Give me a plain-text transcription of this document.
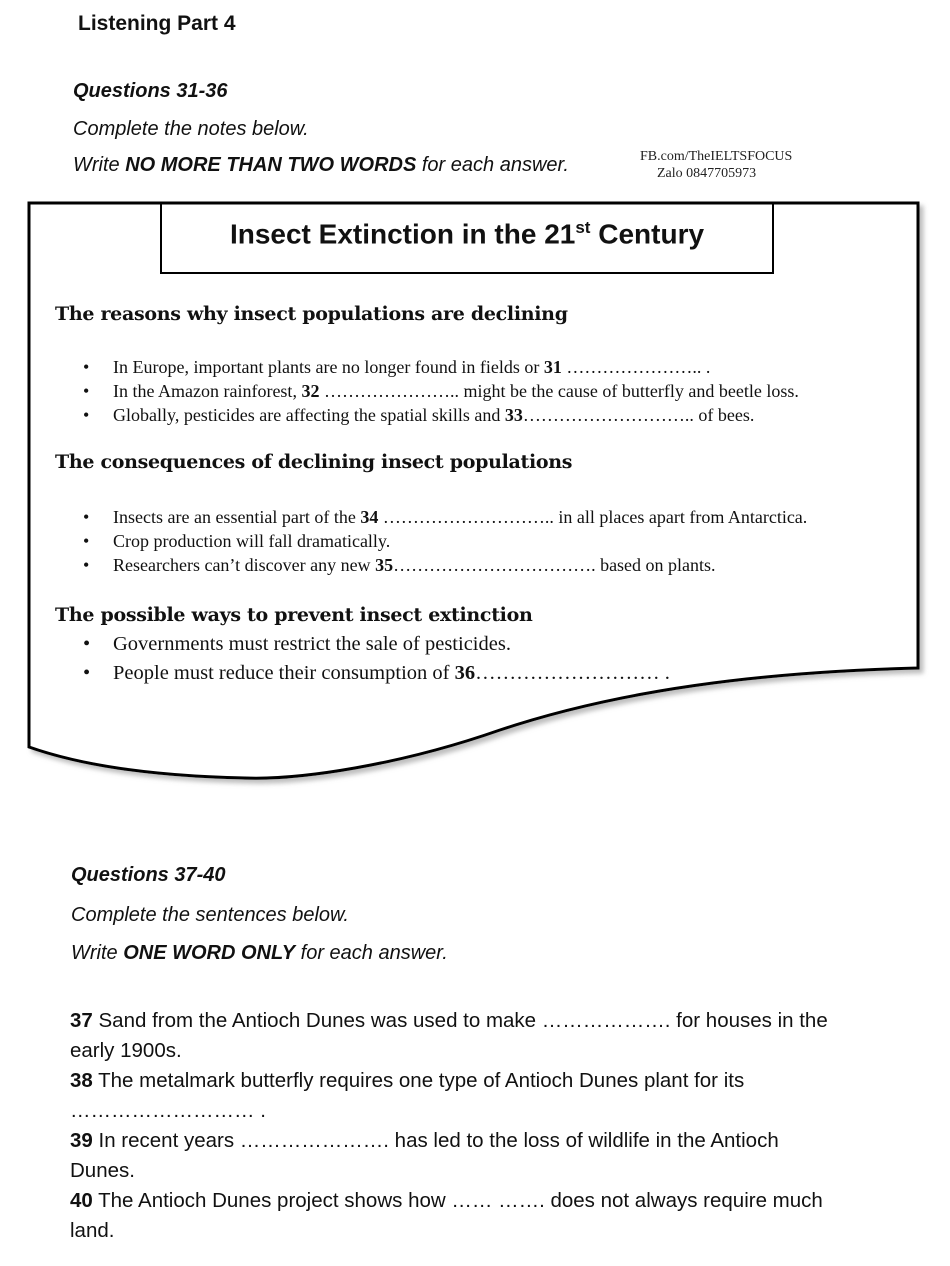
Listening Part 4
Questions 31-36
Complete the notes below.
Write NO MORE THAN TWO WORDS for each answer.	FB.com/TheIELTSFOCUS
Zalo 0847705973
Insect Extinction in the 21st Century
The reasons why insect populations are declining
• In Europe, important plants are no longer found in fields or 31 ………………….. .
• In the Amazon rainforest, 32 ………………….. might be the cause of butterfly and beetle loss.
• Globally, pesticides are affecting the spatial skills and 33……………………….. of bees.
The consequences of declining insect populations
• Insects are an essential part of the 34 ……………………….. in all places apart from Antarctica.
• Crop production will fall dramatically.
• Researchers can’t discover any new 35……………………………. based on plants.
The possible ways to prevent insect extinction
• Governments must restrict the sale of pesticides.
• People must reduce their consumption of 36……………………… .
Questions 37-40
Complete the sentences below.
Write ONE WORD ONLY for each answer.
37 Sand from the Antioch Dunes was used to make ………………. for houses in the early 1900s.
38 The metalmark butterfly requires one type of Antioch Dunes plant for its ……………………… .
39 In recent years …………………. has led to the loss of wildlife in the Antioch Dunes.
40 The Antioch Dunes project shows how …… ……. does not always require much land.
